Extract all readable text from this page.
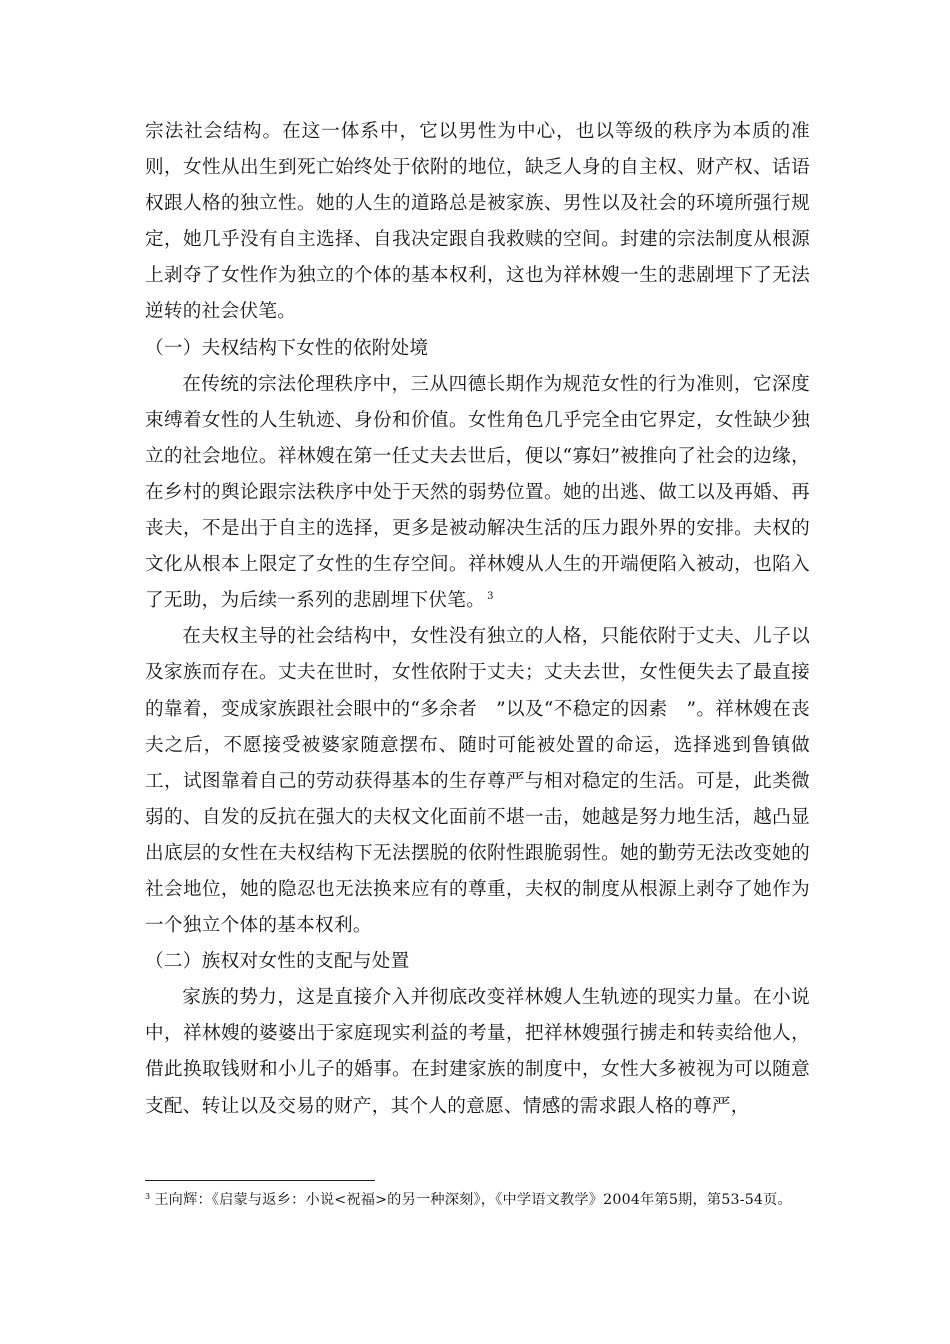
宗法社会结构。在这一体系中，它以男性为中心，也以等级的秩序为本质的准则，女性从出生到死亡始终处于依附的地位，缺乏人身的自主权、财产权、话语权跟人格的独立性。她的人生的道路总是被家族、男性以及社会的环境所强行规定，她几乎没有自主选择、自我决定跟自我救赎的空间。封建的宗法制度从根源上剥夺了女性作为独立的个体的基本权利，这也为祥林嫂一生的悲剧埋下了无法逆转的社会伏笔。

（一）夫权结构下女性的依附处境

在传统的宗法伦理秩序中，三从四德长期作为规范女性的行为准则，它深度束缚着女性的人生轨迹、身份和价值。女性角色几乎完全由它界定，女性缺少独立的社会地位。祥林嫂在第一任丈夫去世后，便以“寡妇”被推向了社会的边缘，在乡村的舆论跟宗法秩序中处于天然的弱势位置。她的出逃、做工以及再婚、再丧夫，不是出于自主的选择，更多是被动解决生活的压力跟外界的安排。夫权的文化从根本上限定了女性的生存空间。祥林嫂从人生的开端便陷入被动，也陷入了无助，为后续一系列的悲剧埋下伏笔。 $^3$

在夫权主导的社会结构中，女性没有独立的人格，只能依附于丈夫、儿子以及家族而存在。丈夫在世时，女性依附于丈夫；丈夫去世，女性便失去了最直接的靠着，变成家族跟社会眼中的“多余者　”以及“不稳定的因素　”。祥林嫂在丧夫之后，不愿接受被婆家随意摆布、随时可能被处置的命运，选择逃到鲁镇做工，试图靠着自己的劳动获得基本的生存尊严与相对稳定的生活。可是，此类微弱的、自发的反抗在强大的夫权文化面前不堪一击，她越是努力地生活，越凸显出底层的女性在夫权结构下无法摆脱的依附性跟脆弱性。她的勤劳无法改变她的社会地位，她的隐忍也无法换来应有的尊重，夫权的制度从根源上剥夺了她作为一个独立个体的基本权利。

（二）族权对女性的支配与处置

家族的势力，这是直接介入并彻底改变祥林嫂人生轨迹的现实力量。在小说中，祥林嫂的婆婆出于家庭现实利益的考量，把祥林嫂强行掳走和转卖给他人，借此换取钱财和小儿子的婚事。在封建家族的制度中，女性大多被视为可以随意支配、转让以及交易的财产，其个人的意愿、情感的需求跟人格的尊严，

$^3$ 王向辉：《启蒙与返乡：小说<祝福>的另一种深刻》，《中学语文教学》2004年第5期，第53-54页。
